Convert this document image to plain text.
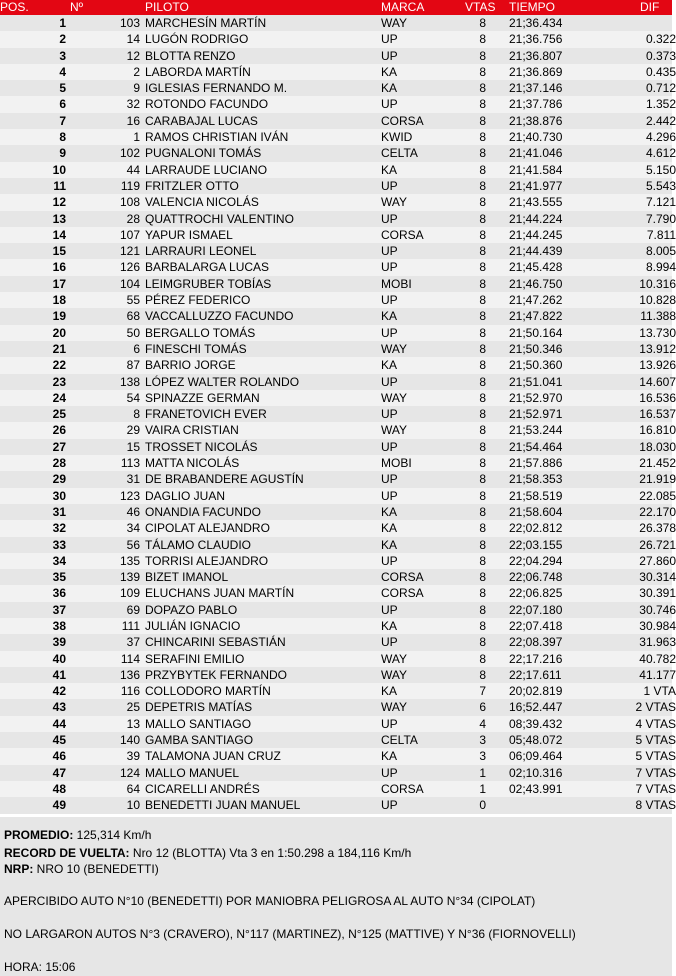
POS.	Nº	PILOTO	MARCA	VTAS TIEMPO	DIF
1	103 MARCHESÍN MARTÍN	WAY	8 21;36.434
2	14 LUGÓN RODRIGO	UP	8 21;36.756	0.322
3	12 BLOTTA RENZO	UP	8 21;36.807	0.373
4	2 LABORDA MARTÍN	KA	8 21;36.869	0.435
5	9 IGLESIAS FERNANDO M.	KA	8 21;37.146	0.712
6	32 ROTONDO FACUNDO	UP	8 21;37.786	1.352
7	16 CARABAJAL LUCAS	CORSA	8 21;38.876	2.442
8	1 RAMOS CHRISTIAN IVÁN	KWID	8 21;40.730	4.296
9	102 PUGNALONI TOMÁS	CELTA	8 21;41.046	4.612
10	44 LARRAUDE LUCIANO	KA	8 21;41.584	5.150
11	119 FRITZLER OTTO	UP	8 21;41.977	5.543
12	108 VALENCIA NICOLÁS	WAY	8 21;43.555	7.121
13	28 QUATTROCHI VALENTINO	UP	8 21;44.224	7.790
14	107 YAPUR ISMAEL	CORSA	8 21;44.245	7.811
15	121 LARRAURI LEONEL	UP	8 21;44.439	8.005
16	126 BARBALARGA LUCAS	UP	8 21;45.428	8.994
17	104 LEIMGRUBER TOBÍAS	MOBI	8 21;46.750	10.316
18	55 PÉREZ FEDERICO	UP	8 21;47.262	10.828
19	68 VACCALLUZZO FACUNDO	KA	8 21;47.822	11.388
20	50 BERGALLO TOMÁS	UP	8 21;50.164	13.730
21	6 FINESCHI TOMÁS	WAY	8 21;50.346	13.912
22	87 BARRIO JORGE	KA	8 21;50.360	13.926
23	138 LÓPEZ WALTER ROLANDO	UP	8 21;51.041	14.607
24	54 SPINAZZE GERMAN	WAY	8 21;52.970	16.536
25	8 FRANETOVICH EVER	UP	8 21;52.971	16.537
26	29 VAIRA CRISTIAN	WAY	8 21;53.244	16.810
27	15 TROSSET NICOLÁS	UP	8 21;54.464	18.030
28	113 MATTA NICOLÁS	MOBI	8 21;57.886	21.452
29	31 DE BRABANDERE AGUSTÍN	UP	8 21;58.353	21.919
30	123 DAGLIO JUAN	UP	8 21;58.519	22.085
31	46 ONANDIA FACUNDO	KA	8 21;58.604	22.170
32	34 CIPOLAT ALEJANDRO	KA	8 22;02.812	26.378
33	56 TÁLAMO CLAUDIO	KA	8 22;03.155	26.721
34	135 TORRISI ALEJANDRO	UP	8 22;04.294	27.860
35	139 BIZET IMANOL	CORSA	8 22;06.748	30.314
36	109 ELUCHANS JUAN MARTÍN	CORSA	8 22;06.825	30.391
37	69 DOPAZO PABLO	UP	8 22;07.180	30.746
38	111 JULIÁN IGNACIO	KA	8 22;07.418	30.984
39	37 CHINCARINI SEBASTIÁN	UP	8 22;08.397	31.963
40	114 SERAFINI EMILIO	WAY	8 22;17.216	40.782
41	136 PRZYBYTEK FERNANDO	WAY	8 22;17.611	41.177
42	116 COLLODORO MARTÍN	KA	7 20;02.819	1 VTA
43	25 DEPETRIS MATÍAS	WAY	6 16;52.447	2 VTAS
44	13 MALLO SANTIAGO	UP	4 08;39.432	4 VTAS
45	140 GAMBA SANTIAGO	CELTA	3 05;48.072	5 VTAS
46	39 TALAMONA JUAN CRUZ	KA	3 06;09.464	5 VTAS
47	124 MALLO MANUEL	UP	1 02;10.316	7 VTAS
48	64 CICARELLI ANDRÉS	CORSA	1 02;43.991	7 VTAS
49	10 BENEDETTI JUAN MANUEL	UP	0	8 VTAS
PROMEDIO: 125,314 Km/h
RECORD DE VUELTA: Nro 12 (BLOTTA) Vta 3 en 1:50.298 a 184,116 Km/h
NRP: NRO 10 (BENEDETTI)
APERCIBIDO AUTO N°10 (BENEDETTI) POR MANIOBRA PELIGROSA AL AUTO N°34 (CIPOLAT)
NO LARGARON AUTOS N°3 (CRAVERO), N°117 (MARTINEZ), N°125 (MATTIVE) Y N°36 (FIORNOVELLI)
HORA: 15:06
